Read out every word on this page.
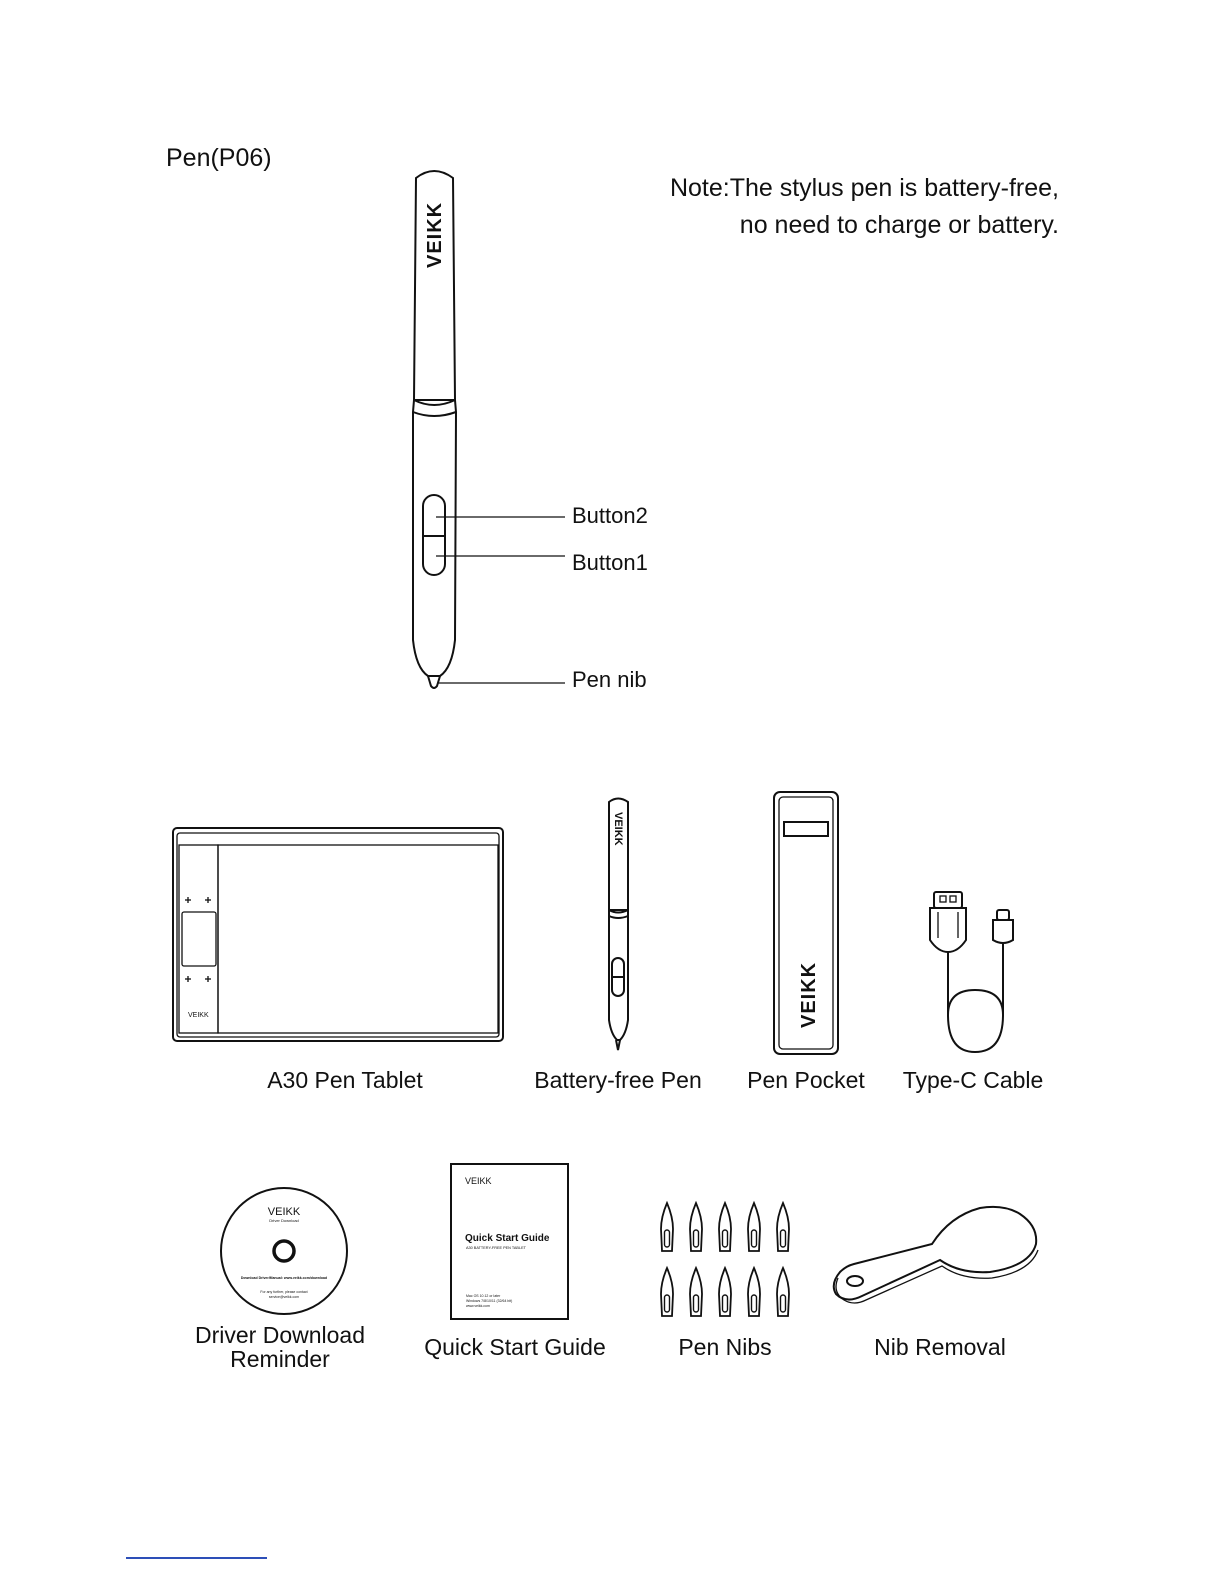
Pen(P06)
Note:The stylus pen is battery-free,
no need to charge or battery.
VEIKK
Button2
Button1
Pen nib
VEIKK
VEIKK
VEIKK
A30 Pen Tablet	Battery-free Pen	Pen Pocket	Type-C Cable
VEIKK
Driver Download
Download Driver/Manual: www.veikk.com/download
For any further, please contact
service@veikk.com
VEIKK
Quick Start Guide
A30 BATTERY-FREE PEN TABLET
Mac OS 10.12 or later
Windows 7/8/10/11 (32/64 bit)
www.veikk.com
Driver Download
Reminder	Quick Start Guide	Pen Nibs	Nib Removal
